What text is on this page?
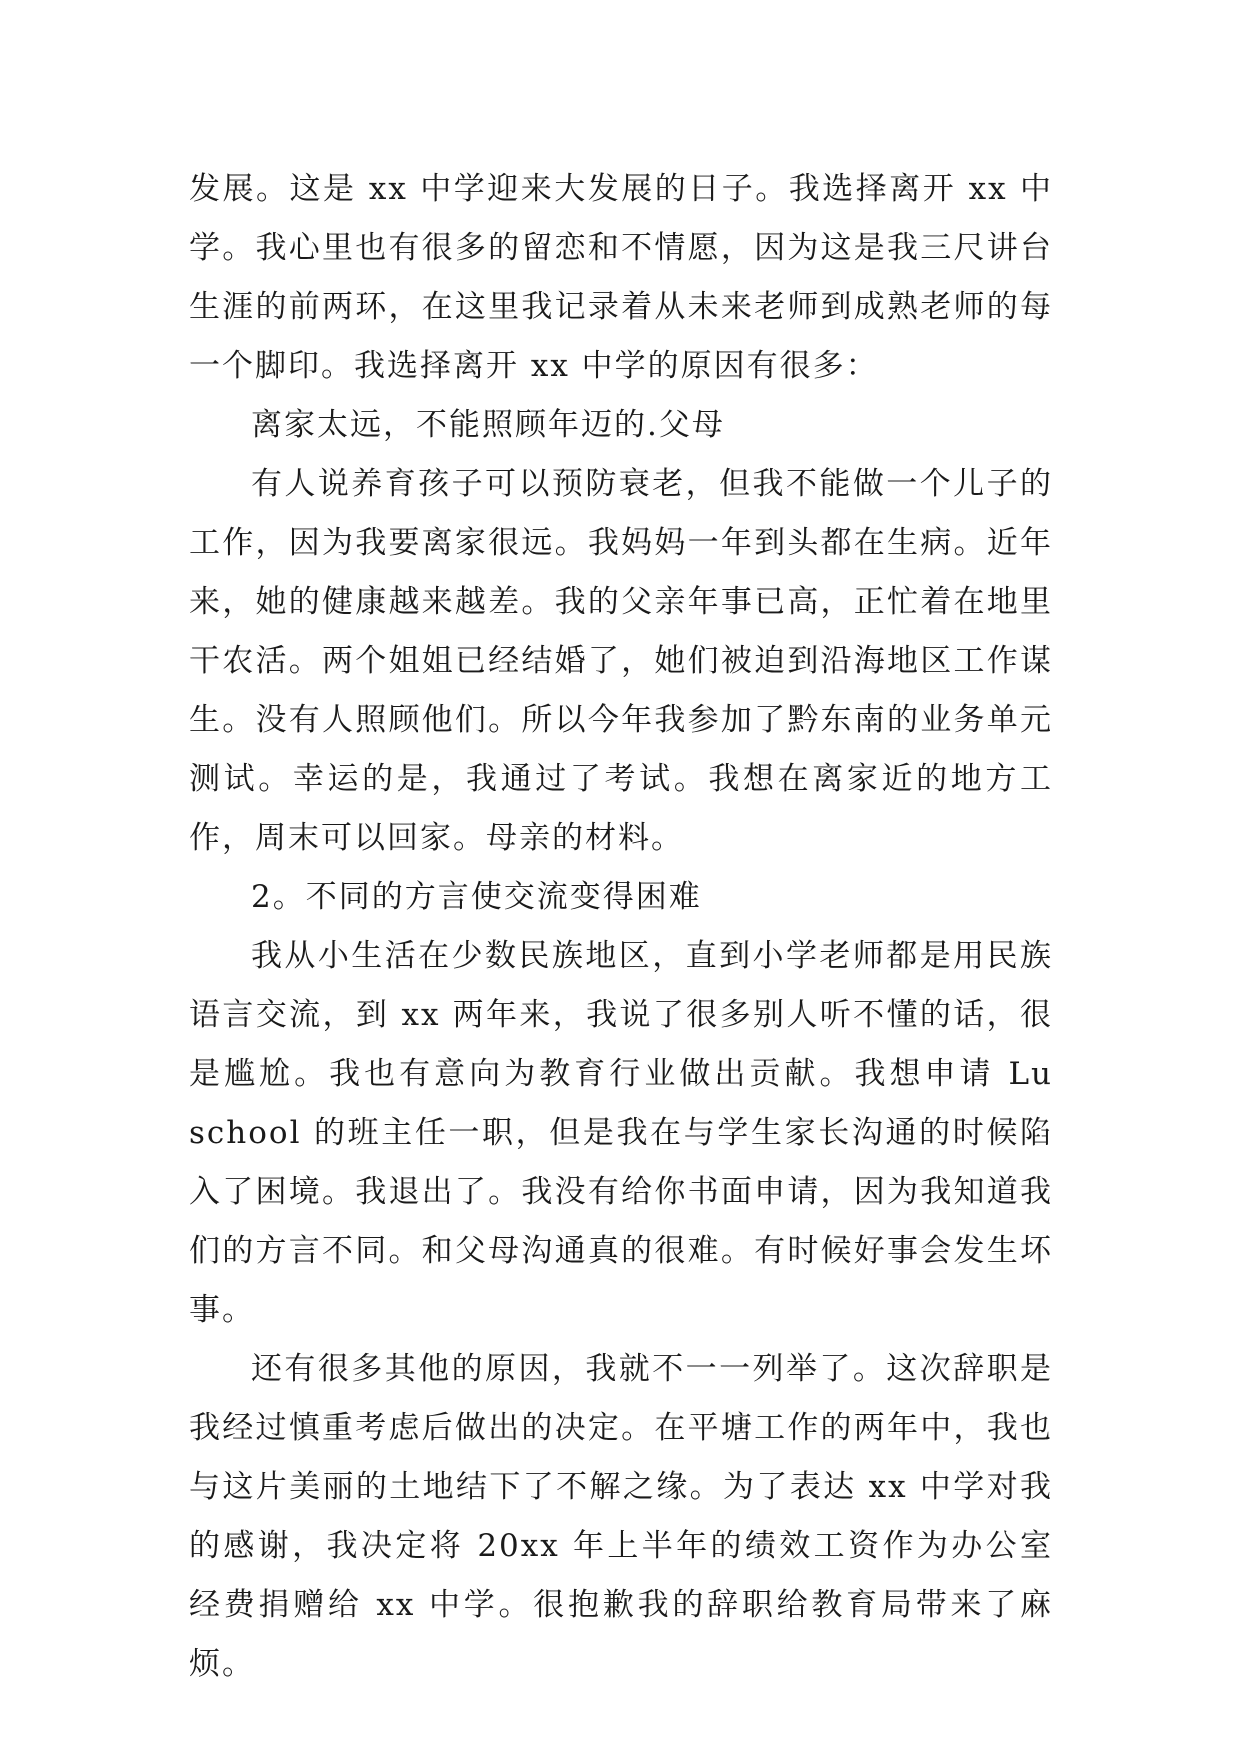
发展。这是 xx 中学迎来大发展的日子。我选择离开 xx 中学。我心里也有很多的留恋和不情愿，因为这是我三尺讲台生涯的前两环，在这里我记录着从未来老师到成熟老师的每一个脚印。我选择离开 xx 中学的原因有很多：

离家太远，不能照顾年迈的.父母

有人说养育孩子可以预防衰老，但我不能做一个儿子的工作，因为我要离家很远。我妈妈一年到头都在生病。近年来，她的健康越来越差。我的父亲年事已高，正忙着在地里干农活。两个姐姐已经结婚了，她们被迫到沿海地区工作谋生。没有人照顾他们。所以今年我参加了黔东南的业务单元测试。幸运的是，我通过了考试。我想在离家近的地方工作，周末可以回家。母亲的材料。

2。不同的方言使交流变得困难

我从小生活在少数民族地区，直到小学老师都是用民族语言交流，到 xx 两年来，我说了很多别人听不懂的话，很是尴尬。我也有意向为教育行业做出贡献。我想申请 Lu school 的班主任一职，但是我在与学生家长沟通的时候陷入了困境。我退出了。我没有给你书面申请，因为我知道我们的方言不同。和父母沟通真的很难。有时候好事会发生坏事。

还有很多其他的原因，我就不一一列举了。这次辞职是我经过慎重考虑后做出的决定。在平塘工作的两年中，我也与这片美丽的土地结下了不解之缘。为了表达 xx 中学对我的感谢，我决定将 20xx 年上半年的绩效工资作为办公室经费捐赠给 xx 中学。很抱歉我的辞职给教育局带来了麻烦。
